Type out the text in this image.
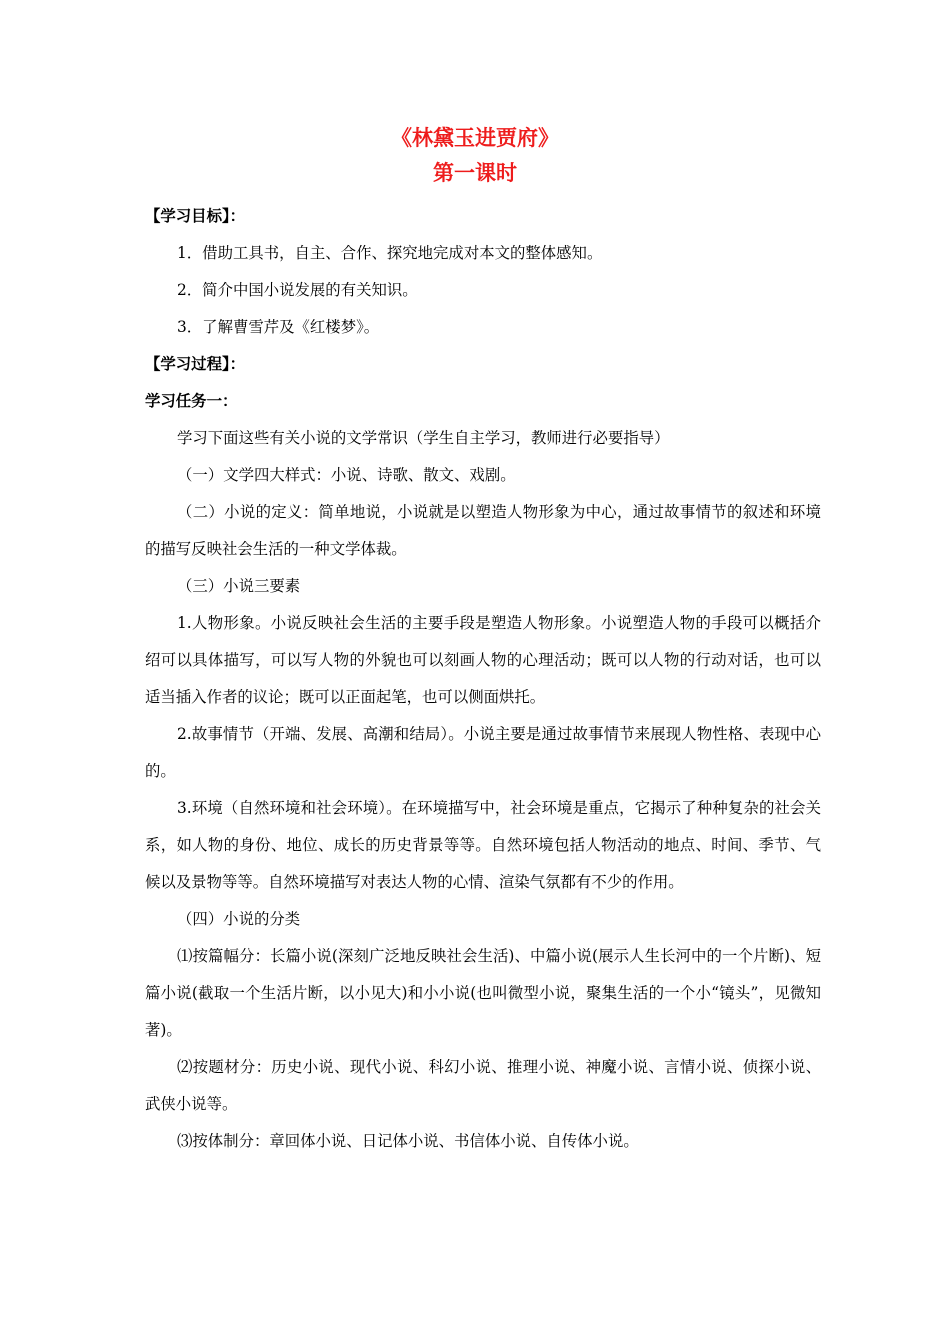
《林黛玉进贾府》
第一课时

【学习目标】：

1．借助工具书，自主、合作、探究地完成对本文的整体感知。

2．简介中国小说发展的有关知识。

3．了解曹雪芹及《红楼梦》。

【学习过程】：

学习任务一：

学习下面这些有关小说的文学常识（学生自主学习，教师进行必要指导）

（一）文学四大样式：小说、诗歌、散文、戏剧。

（二）小说的定义：简单地说，小说就是以塑造人物形象为中心，通过故事情节的叙述和环境的描写反映社会生活的一种文学体裁。

（三）小说三要素

1.人物形象。小说反映社会生活的主要手段是塑造人物形象。小说塑造人物的手段可以概括介绍可以具体描写，可以写人物的外貌也可以刻画人物的心理活动；既可以人物的行动对话，也可以适当插入作者的议论；既可以正面起笔，也可以侧面烘托。

2.故事情节（开端、发展、高潮和结局）。小说主要是通过故事情节来展现人物性格、表现中心的。

3.环境（自然环境和社会环境）。在环境描写中，社会环境是重点，它揭示了种种复杂的社会关系，如人物的身份、地位、成长的历史背景等等。自然环境包括人物活动的地点、时间、季节、气候以及景物等等。自然环境描写对表达人物的心情、渲染气氛都有不少的作用。

（四）小说的分类

⑴按篇幅分：长篇小说(深刻广泛地反映社会生活)、中篇小说(展示人生长河中的一个片断)、短篇小说(截取一个生活片断，以小见大)和小小说(也叫微型小说，聚集生活的一个小“镜头”，见微知著)。

⑵按题材分：历史小说、现代小说、科幻小说、推理小说、神魔小说、言情小说、侦探小说、武侠小说等。

⑶按体制分：章回体小说、日记体小说、书信体小说、自传体小说。
